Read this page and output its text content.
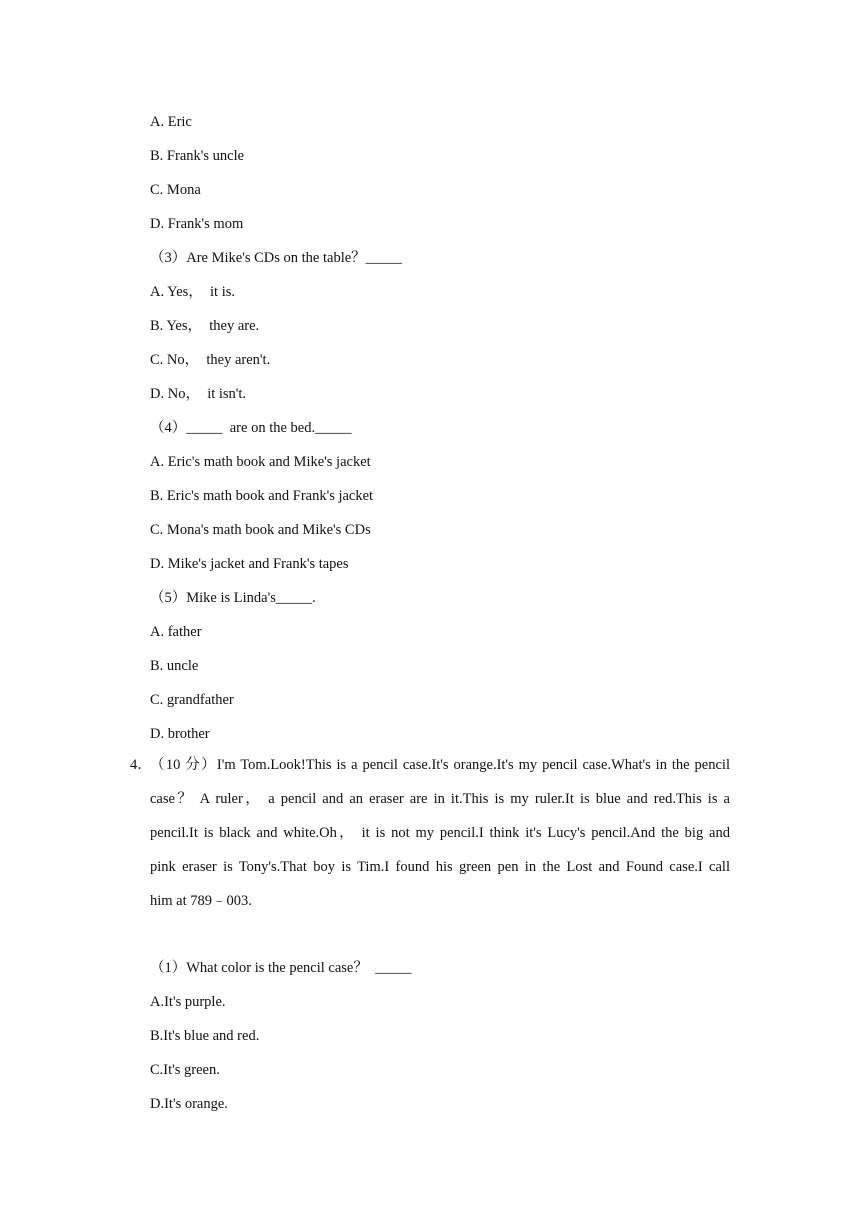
A. Eric
B. Frank's uncle
C. Mona
D. Frank's mom
（3）Are Mike's CDs on the table？_____
A. Yes，  it is.
B. Yes，  they are.
C. No，  they aren't.
D. No，  it isn't.
（4）_____  are on the bed._____
A. Eric's math book and Mike's jacket
B. Eric's math book and Frank's jacket
C. Mona's math book and Mike's CDs
D. Mike's jacket and Frank's tapes
（5）Mike is Linda's_____.
A. father
B. uncle
C. grandfather
D. brother
4．
（10 分）I'm Tom.Look!This is a pencil case.It's orange.It's my pencil case.What's in the pencil
case？ A ruler， a pencil and an eraser are in it.This is my ruler.It is blue and red.This is a
pencil.It is black and white.Oh， it is not my pencil.I think it's Lucy's pencil.And the big and
pink eraser is Tony's.That boy is Tim.I found his green pen in the Lost and Found case.I call
him at 789﹣003.
（1）What color is the pencil case？  _____
A.It's purple.
B.It's blue and red.
C.It's green.
D.It's orange.
